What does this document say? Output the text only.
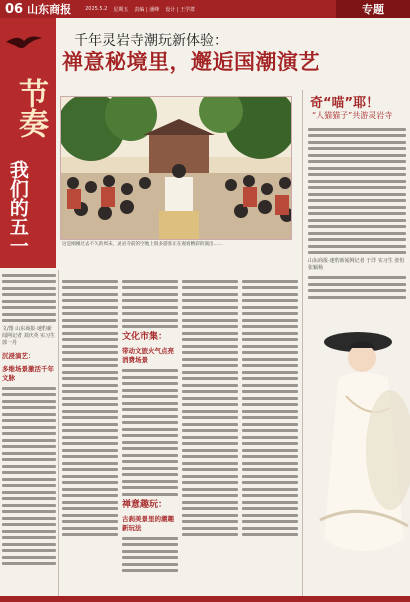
06 山东商报	2025.5.2 星期五 责编 | 潘峰 设计 | 王学群	专题
节奏
我们的五一
千年灵岩寺潮玩新体验：
禅意秘境里，邂逅国潮演艺
这是刚刚过去不久的周末，灵岩寺前的空地上很多游客正在观看精彩的演出……
奇“喵”耶！
“人猫猫子”共游灵岩寺
文/图 山东商报·速豹新闻网记者 刘庆英 实习生 郭一丹
沉浸演艺：
多维场景激活千年文脉
文化市集：
带动文旅火气点亮消费场景
禅意趣玩：
古刹美景里的潮趣新玩法
山东商报·速豹新闻网记者 于洋 实习生 张恒 张颖杨
